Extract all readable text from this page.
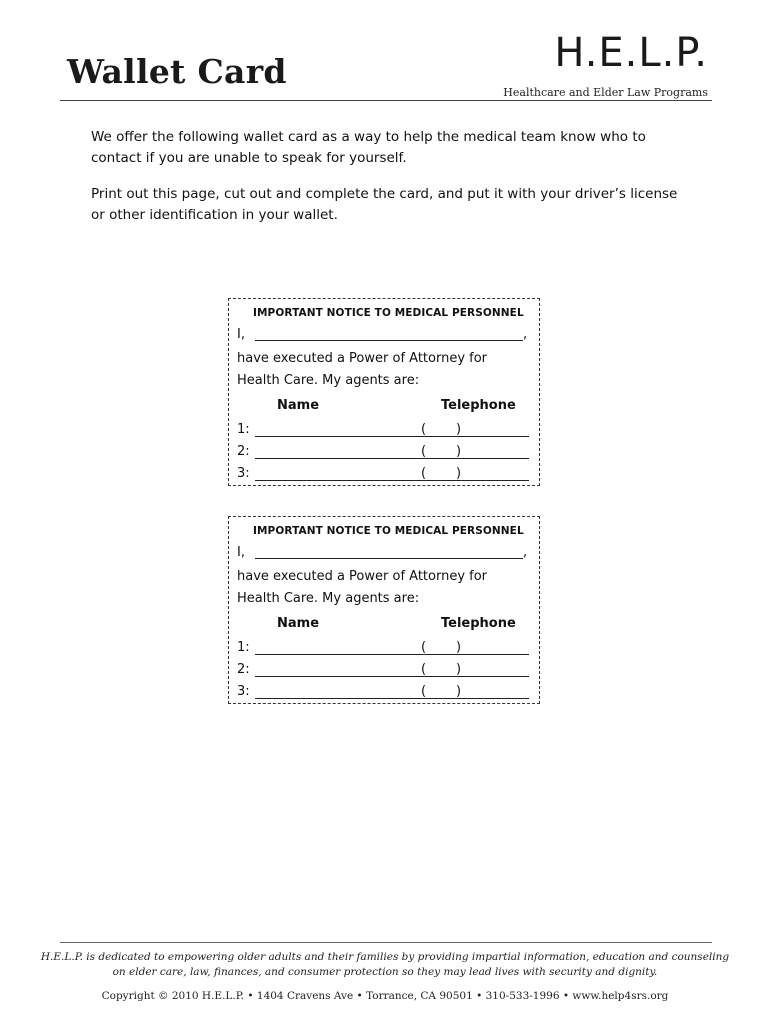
Wallet Card	H.E.L.P.
Healthcare and Elder Law Programs
We offer the following wallet card as a way to help the medical team know who to contact if you are unable to speak for yourself.
Print out this page, cut out and complete the card, and put it with your driver’s license or other identification in your wallet.
IMPORTANT NOTICE TO MEDICAL PERSONNEL
I,	,
have executed a Power of Attorney for Health Care. My agents are:
Name	Telephone
1:	( )
2:	( )
3:	( )
IMPORTANT NOTICE TO MEDICAL PERSONNEL
I,	,
have executed a Power of Attorney for Health Care. My agents are:
Name	Telephone
1:	( )
2:	( )
3:	( )
H.E.L.P. is dedicated to empowering older adults and their families by providing impartial information, education and counseling on elder care, law, finances, and consumer protection so they may lead lives with security and dignity.
Copyright © 2010 H.E.L.P. • 1404 Cravens Ave • Torrance, CA 90501 • 310-533-1996 • www.help4srs.org
